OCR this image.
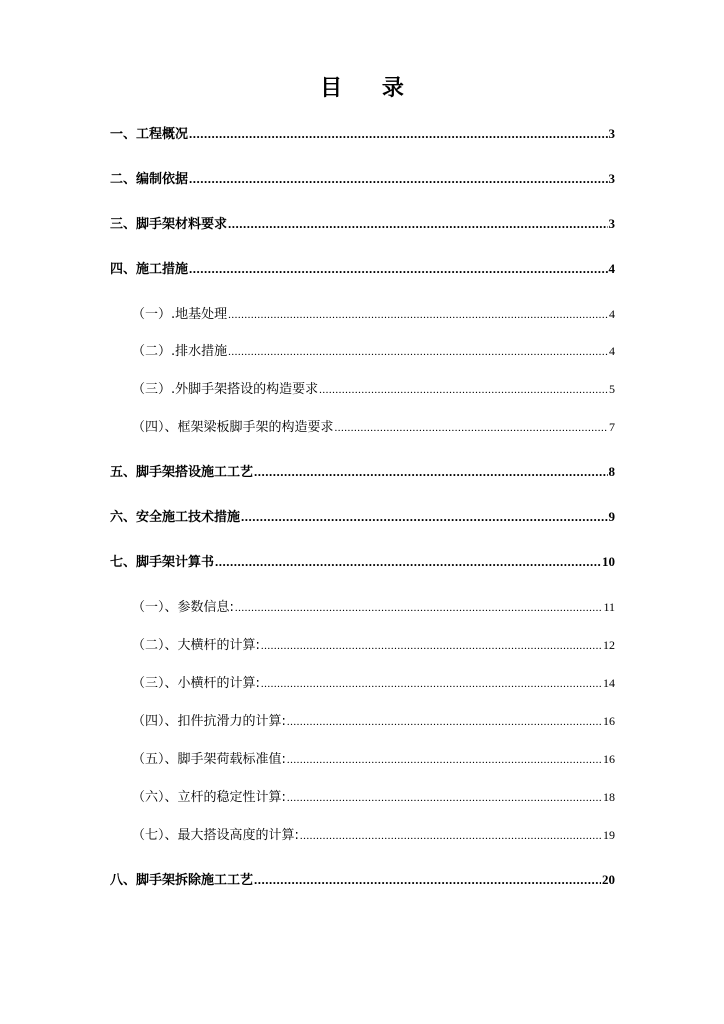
目 录
一、工程概况 .....	3
二、编制依据 .....	3
三、脚手架材料要求 .....	3
四、施工措施 .....	4
（一）.地基处理 .....	4
（二）.排水措施 .....	4
（三）.外脚手架搭设的构造要求 .....	5
（四）、框架梁板脚手架的构造要求 .....	7
五、脚手架搭设施工工艺 .....	8
六、安全施工技术措施 .....	9
七、脚手架计算书 .....	10
（一）、参数信息: .....	11
（二）、大横杆的计算: .....	12
（三）、小横杆的计算: .....	14
（四）、扣件抗滑力的计算: .....	16
（五）、脚手架荷载标准值: .....	16
（六）、立杆的稳定性计算: .....	18
（七）、最大搭设高度的计算: .....	19
八、脚手架拆除施工工艺 .....	20
